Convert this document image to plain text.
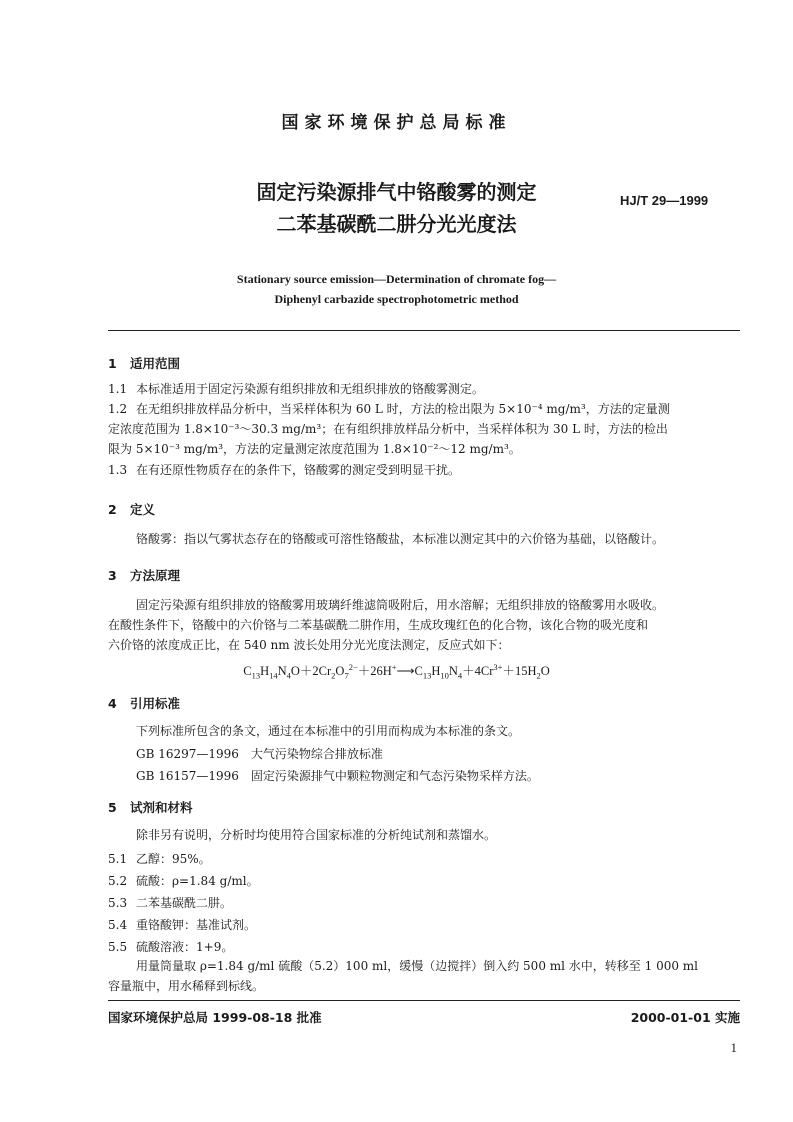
国家环境保护总局标准
固定污染源排气中铬酸雾的测定
二苯基碳酰二肼分光光度法
HJ/T 29—1999
Stationary source emission—Determination of chromate fog—
Diphenyl carbazide spectrophotometric method
1 适用范围
1.1 本标准适用于固定污染源有组织排放和无组织排放的铬酸雾测定。
1.2 在无组织排放样品分析中，当采样体积为 60 L 时，方法的检出限为 5×10⁻⁴ mg/m³，方法的定量测
定浓度范围为 1.8×10⁻³～30.3 mg/m³；在有组织排放样品分析中，当采样体积为 30 L 时，方法的检出
限为 5×10⁻³ mg/m³，方法的定量测定浓度范围为 1.8×10⁻²～12 mg/m³。
1.3 在有还原性物质存在的条件下，铬酸雾的测定受到明显干扰。
2 定义
铬酸雾：指以气雾状态存在的铬酸或可溶性铬酸盐，本标准以测定其中的六价铬为基础，以铬酸计。
3 方法原理
固定污染源有组织排放的铬酸雾用玻璃纤维滤筒吸附后，用水溶解；无组织排放的铬酸雾用水吸收。
在酸性条件下，铬酸中的六价铬与二苯基碳酰二肼作用，生成玫瑰红色的化合物，该化合物的吸光度和
六价铬的浓度成正比，在 540 nm 波长处用分光光度法测定，反应式如下：
$C_{13}H_{14}N_4O+2Cr_2O_7^{2-}+26H^+⟶C_{13}H_{10}N_4+4Cr^{3+}+15H_2O$
4 引用标准
下列标准所包含的条文，通过在本标准中的引用而构成为本标准的条文。
GB 16297—1996　大气污染物综合排放标准
GB 16157—1996　固定污染源排气中颗粒物测定和气态污染物采样方法。
5 试剂和材料
除非另有说明，分析时均使用符合国家标准的分析纯试剂和蒸馏水。
5.1 乙醇：95%。
5.2 硫酸：ρ=1.84 g/ml。
5.3 二苯基碳酰二肼。
5.4 重铬酸钾：基准试剂。
5.5 硫酸溶液：1+9。
用量筒量取 ρ=1.84 g/ml 硫酸（5.2）100 ml，缓慢（边搅拌）倒入约 500 ml 水中，转移至 1 000 ml
容量瓶中，用水稀释到标线。
国家环境保护总局 1999-08-18 批准	2000-01-01 实施
1
